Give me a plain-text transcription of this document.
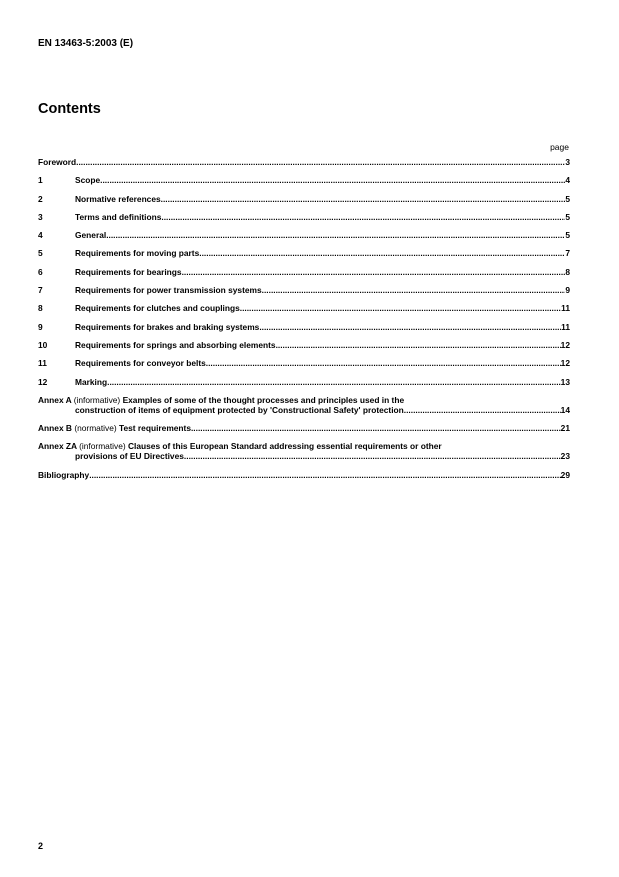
EN 13463-5:2003 (E)
Contents
page
Foreword .....	3
1	Scope .....	4
2	Normative references .....	5
3	Terms and definitions .....	5
4	General .....	5
5	Requirements for moving parts .....	7
6	Requirements for bearings .....	8
7	Requirements for power transmission systems .....	9
8	Requirements for clutches and couplings .....	11
9	Requirements for brakes and braking systems .....	11
10	Requirements for springs and absorbing elements .....	12
11	Requirements for conveyor belts .....	12
12	Marking .....	13
Annex A (informative) Examples of some of the thought processes and principles used in the
construction of items of equipment protected by 'Constructional Safety' protection .....	14
Annex B (normative) Test requirements .....	21
Annex ZA (informative) Clauses of this European Standard addressing essential requirements or other
provisions of EU Directives .....	23
Bibliography .....	29
2
